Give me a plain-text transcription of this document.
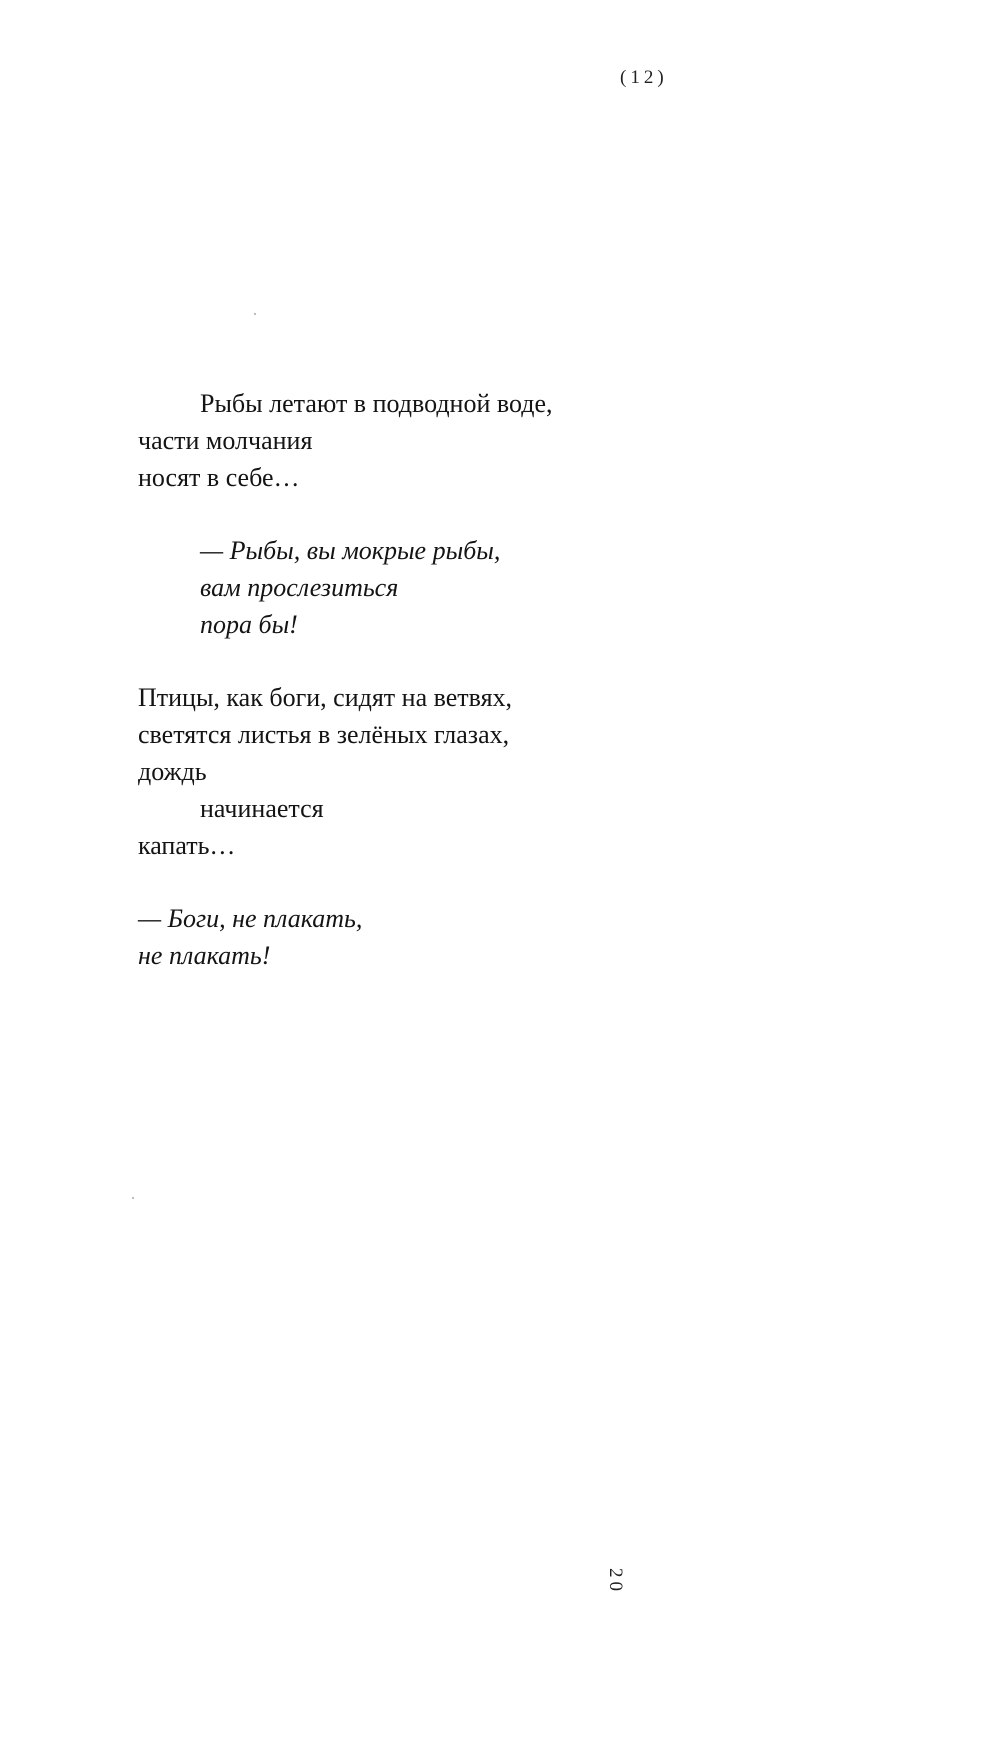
(12)
Рыбы летают в подводной воде,
части молчания
носят в себе…
— Рыбы, вы мокрые рыбы,
вам прослезиться
пора бы!
Птицы, как боги, сидят на ветвях,
светятся листья в зелёных глазах,
дождь
начинается
капать…
— Боги, не плакать,
не плакать!
20
